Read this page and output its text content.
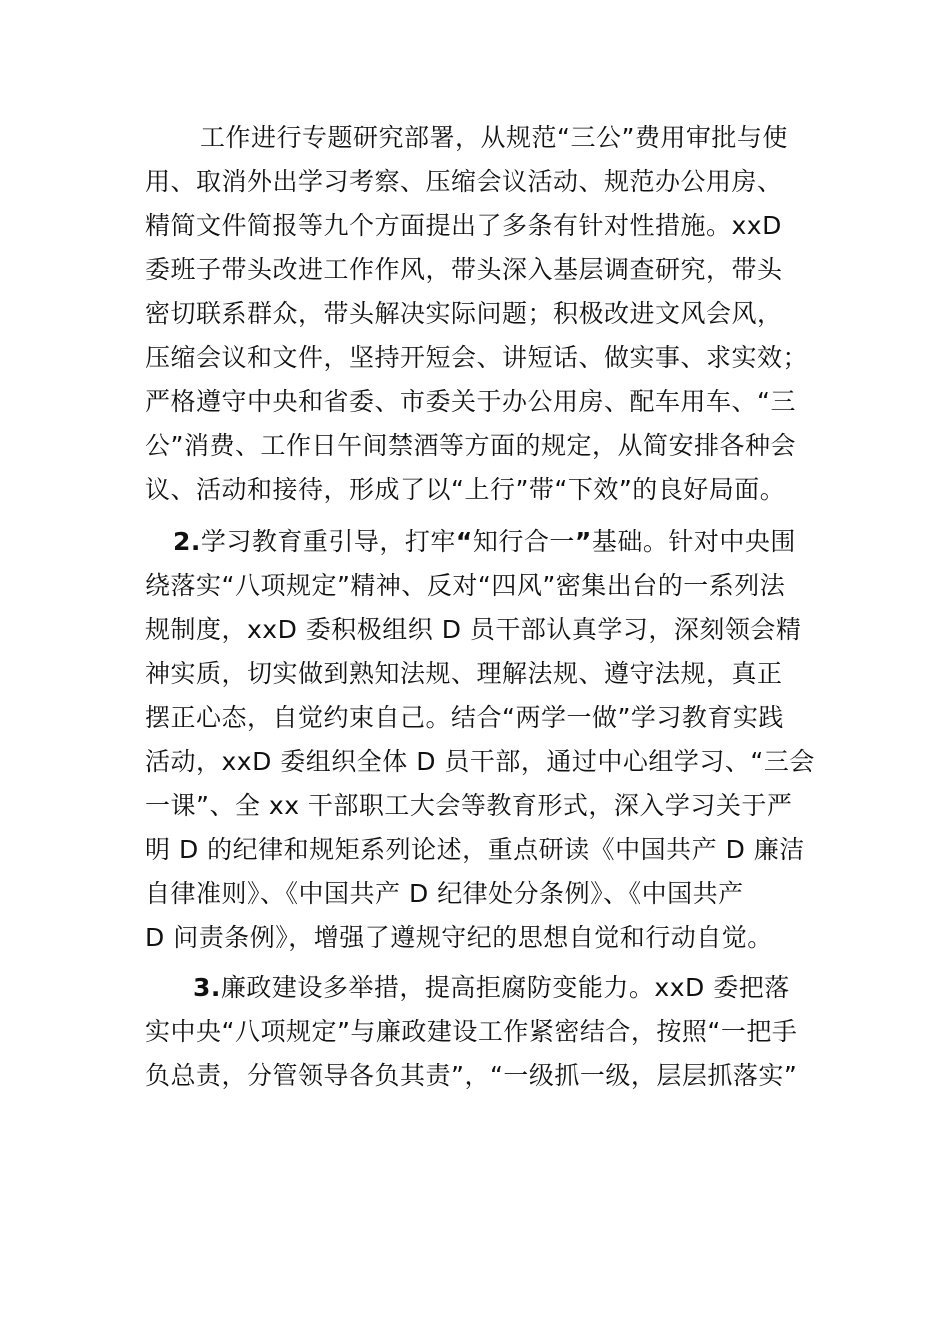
工作进行专题研究部署，从规范“三公”费用审批与使
用、取消外出学习考察、压缩会议活动、规范办公用房、
精简文件简报等九个方面提出了多条有针对性措施。xxD
委班子带头改进工作作风，带头深入基层调查研究，带头
密切联系群众，带头解决实际问题；积极改进文风会风，
压缩会议和文件，坚持开短会、讲短话、做实事、求实效；
严格遵守中央和省委、市委关于办公用房、配车用车、“三
公”消费、工作日午间禁酒等方面的规定，从简安排各种会
议、活动和接待，形成了以“上行”带“下效”的良好局面。
2.学习教育重引导，打牢“知行合一”基础。针对中央围
绕落实“八项规定”精神、反对“四风”密集出台的一系列法
规制度，xxD 委积极组织 D 员干部认真学习，深刻领会精
神实质，切实做到熟知法规、理解法规、遵守法规，真正
摆正心态，自觉约束自己。结合“两学一做”学习教育实践
活动，xxD 委组织全体 D 员干部，通过中心组学习、“三会
一课”、全 xx 干部职工大会等教育形式，深入学习关于严
明 D 的纪律和规矩系列论述，重点研读《中国共产 D 廉洁
自律准则》、《中国共产 D 纪律处分条例》、《中国共产
D 问责条例》，增强了遵规守纪的思想自觉和行动自觉。
3.廉政建设多举措，提高拒腐防变能力。xxD 委把落
实中央“八项规定”与廉政建设工作紧密结合，按照“一把手
负总责，分管领导各负其责”，“一级抓一级，层层抓落实”
